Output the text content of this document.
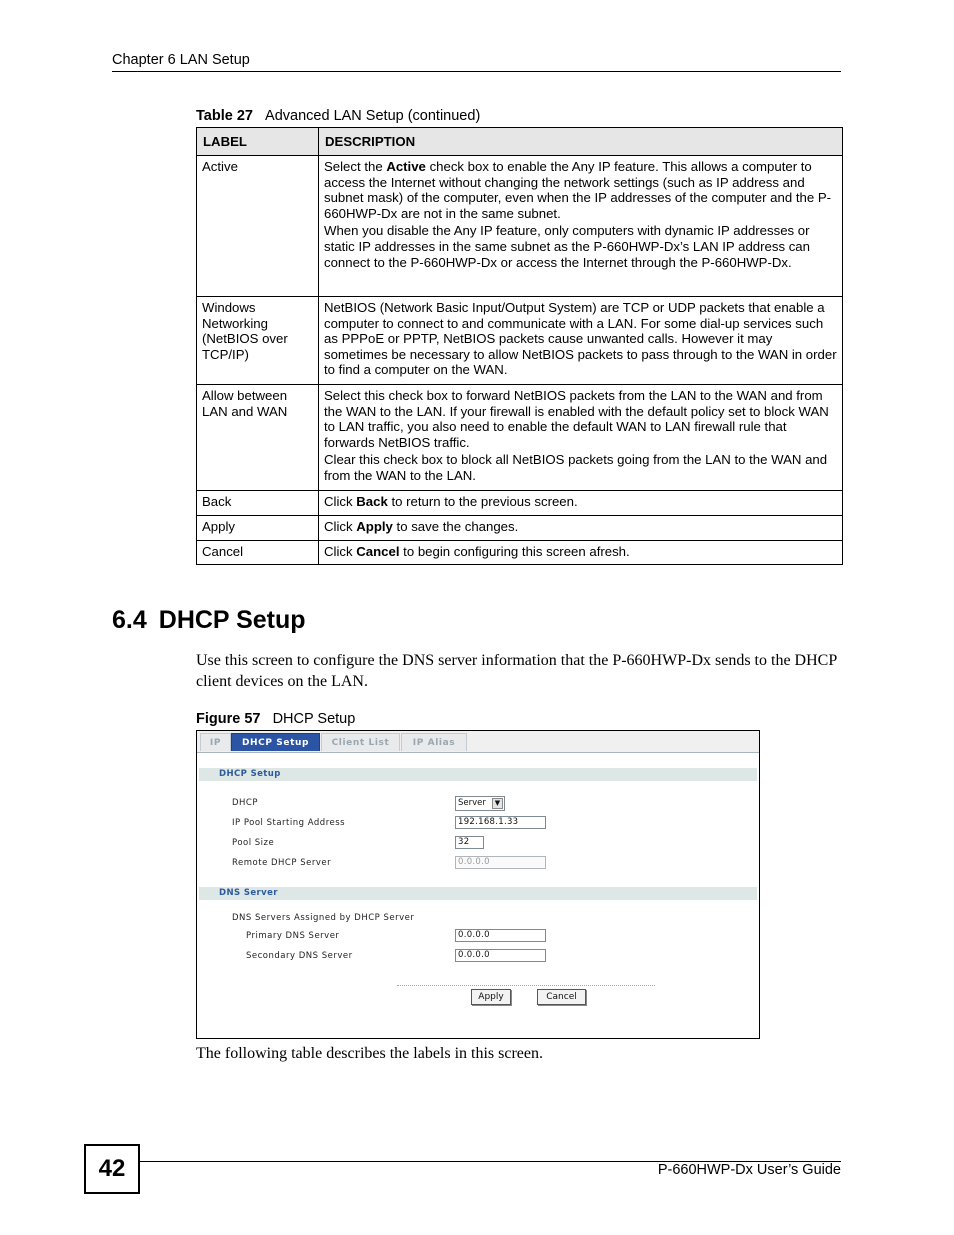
Chapter 6 LAN Setup
Table 27 Advanced LAN Setup (continued)
LABEL	DESCRIPTION
Active	Select the Active check box to enable the Any IP feature. This allows a computer to access the Internet without changing the network settings (such as IP address and subnet mask) of the computer, even when the IP addresses of the computer and the P-660HWP-Dx are not in the same subnet.

When you disable the Any IP feature, only computers with dynamic IP addresses or static IP addresses in the same subnet as the P-660HWP-Dx’s LAN IP address can connect to the P-660HWP-Dx or access the Internet through the P-660HWP-Dx.

Windows Networking (NetBIOS over TCP/IP)	NetBIOS (Network Basic Input/Output System) are TCP or UDP packets that enable a computer to connect to and communicate with a LAN. For some dial-up services such as PPPoE or PPTP, NetBIOS packets cause unwanted calls. However it may sometimes be necessary to allow NetBIOS packets to pass through to the WAN in order to find a computer on the WAN.

Allow between LAN and WAN	Select this check box to forward NetBIOS packets from the LAN to the WAN and from the WAN to the LAN. If your firewall is enabled with the default policy set to block WAN to LAN traffic, you also need to enable the default WAN to LAN firewall rule that forwards NetBIOS traffic.

Clear this check box to block all NetBIOS packets going from the LAN to the WAN and from the WAN to the LAN.

Back	Click Back to return to the previous screen.
Apply	Click Apply to save the changes.
Cancel	Click Cancel to begin configuring this screen afresh.
6.4 DHCP Setup
Use this screen to configure the DNS server information that the P-660HWP-Dx sends to the DHCP client devices on the LAN.
Figure 57 DHCP Setup
IP	DHCP Setup	Client List	IP Alias
DHCP Setup
DHCP	Server	▼
IP Pool Starting Address	192.168.1.33
Pool Size	32
Remote DHCP Server	0.0.0.0
DNS Server
DNS Servers Assigned by DHCP Server
Primary DNS Server	0.0.0.0
Secondary DNS Server	0.0.0.0
Apply	Cancel
The following table describes the labels in this screen.
42	P-660HWP-Dx User’s Guide
